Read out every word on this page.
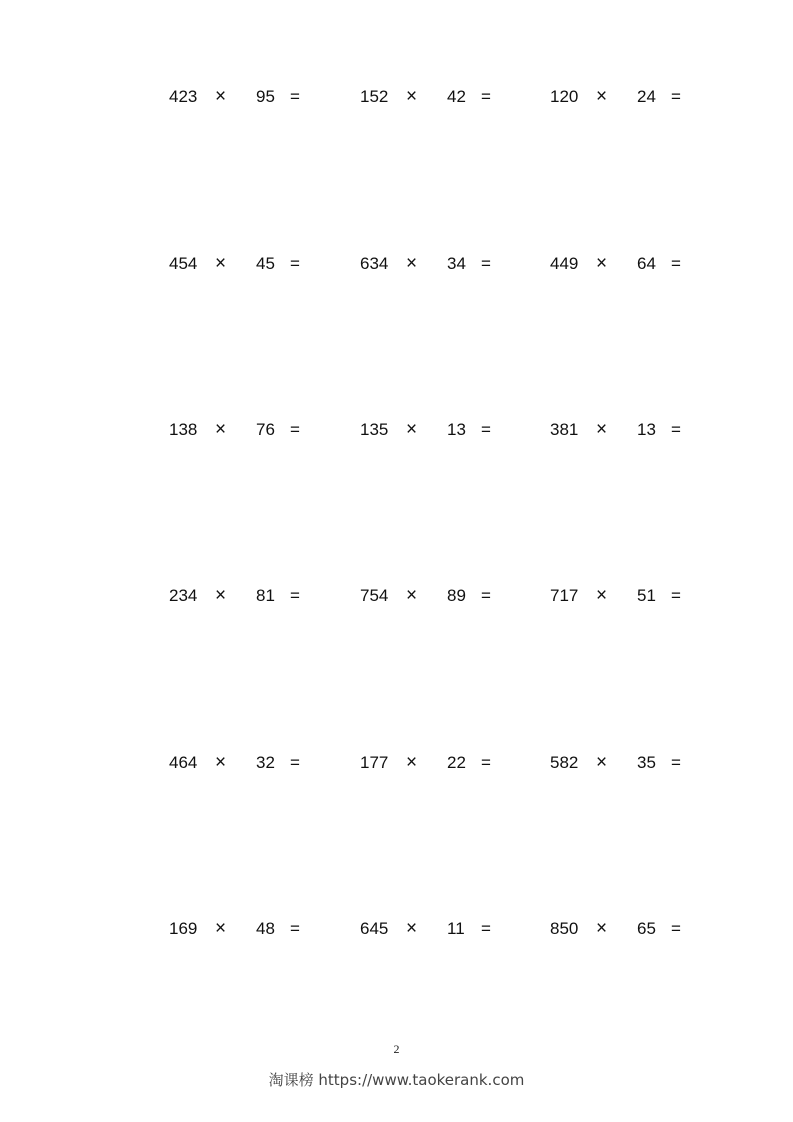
423 × 95 =	152 × 42 =	120 × 24 =
454 × 45 =	634 × 34 =	449 × 64 =
138 × 76 =	135 × 13 =	381 × 13 =
234 × 81 =	754 × 89 =	717 × 51 =
464 × 32 =	177 × 22 =	582 × 35 =
169 × 48 =	645 × 11 =	850 × 65 =
2
淘课榜 https://www.taokerank.com
